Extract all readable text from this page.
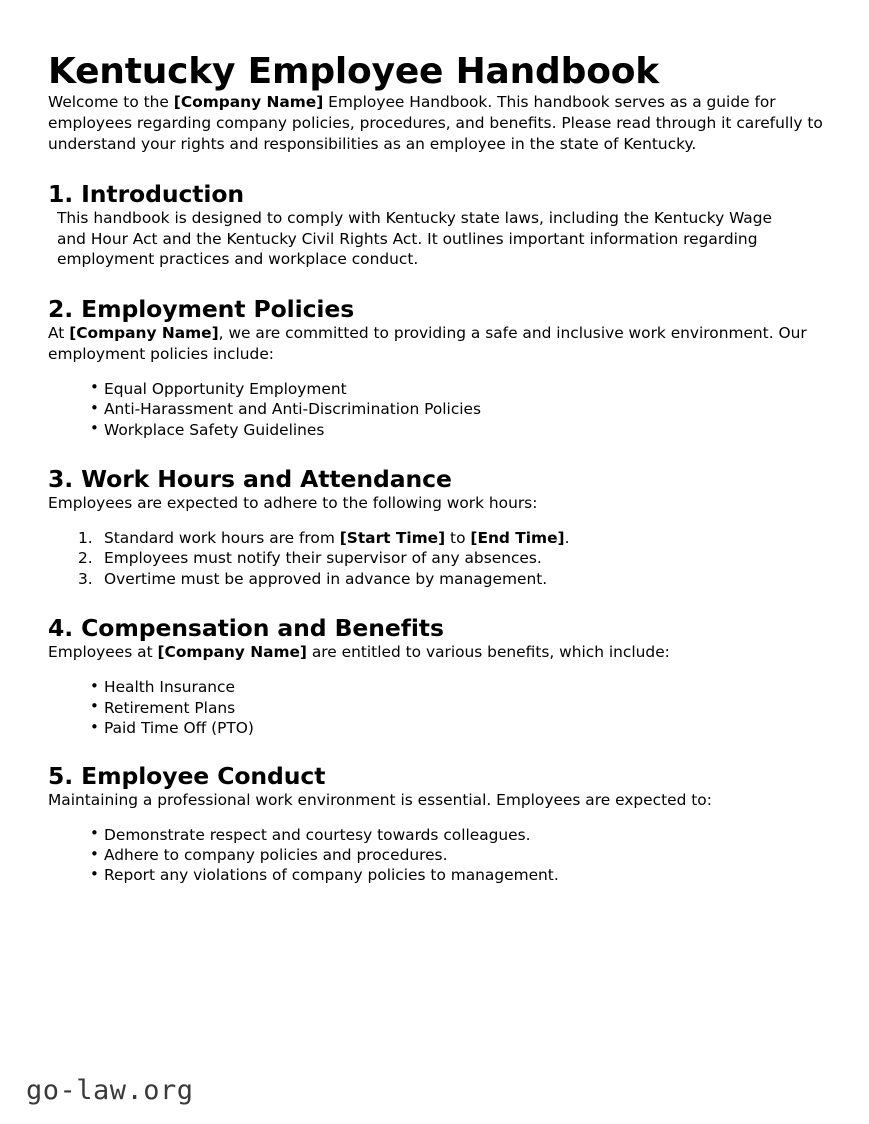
Kentucky Employee Handbook

Welcome to the [Company Name] Employee Handbook. This handbook serves as a guide for employees regarding company policies, procedures, and benefits. Please read through it carefully to understand your rights and responsibilities as an employee in the state of Kentucky.

1. Introduction

This handbook is designed to comply with Kentucky state laws, including the Kentucky Wage and Hour Act and the Kentucky Civil Rights Act. It outlines important information regarding employment practices and workplace conduct.

2. Employment Policies

At [Company Name], we are committed to providing a safe and inclusive work environment. Our employment policies include:

• Equal Opportunity Employment
• Anti-Harassment and Anti-Discrimination Policies
• Workplace Safety Guidelines
3. Work Hours and Attendance

Employees are expected to adhere to the following work hours:

Standard work hours are from [Start Time] to [End Time].
Employees must notify their supervisor of any absences.
Overtime must be approved in advance by management.
4. Compensation and Benefits

Employees at [Company Name] are entitled to various benefits, which include:

• Health Insurance
• Retirement Plans
• Paid Time Off (PTO)
5. Employee Conduct

Maintaining a professional work environment is essential. Employees are expected to:

• Demonstrate respect and courtesy towards colleagues.
• Adhere to company policies and procedures.
• Report any violations of company policies to management.
go-law.org
